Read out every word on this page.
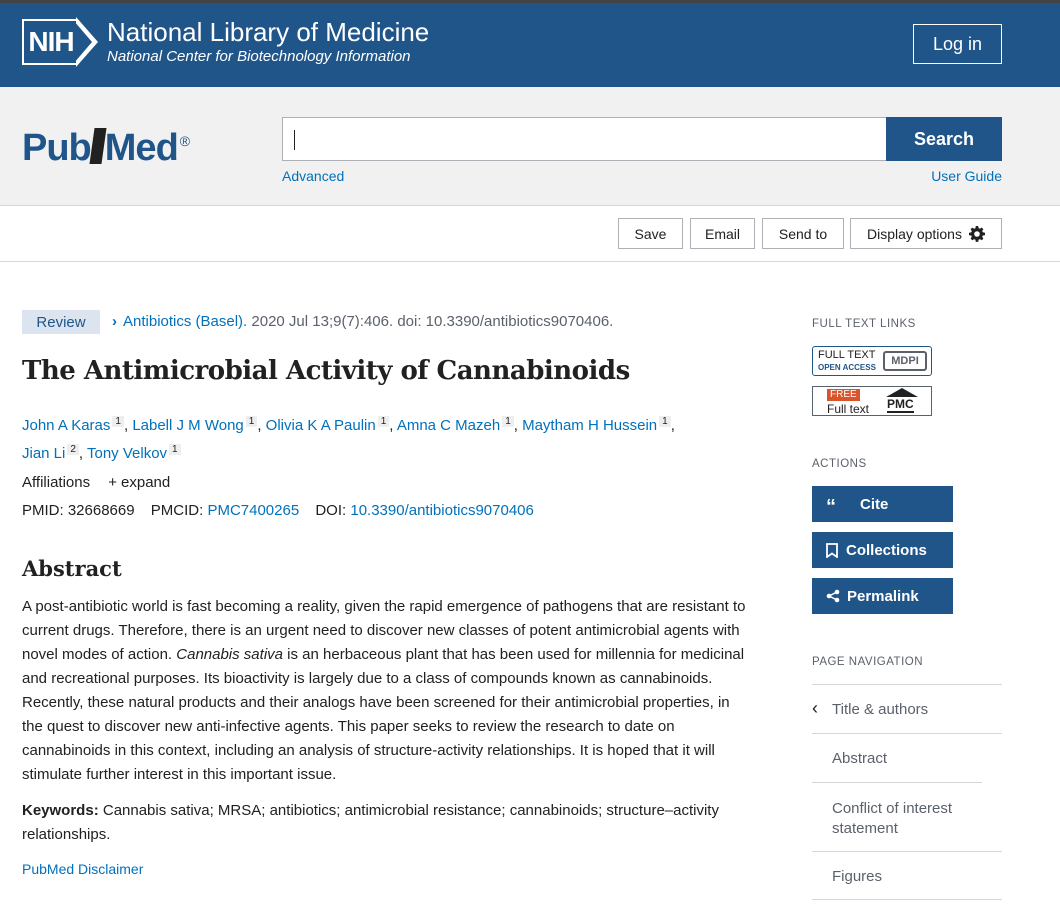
NIH National Library of Medicine
National Center for Biotechnology Information
Log in
Pub Med ®	Search
Advanced	User Guide
Save	Email	Send to	Display options
Review	› Antibiotics (Basel). 2020 Jul 13;9(7):406. doi: 10.3390/antibiotics9070406.
The Antimicrobial Activity of Cannabinoids
John A Karas $^1$ , Labell J M Wong $^1$ , Olivia K A Paulin $^1$ , Amna C Mazeh $^1$ , Maytham H Hussein $^1$ ,
Jian Li $^2$ , Tony Velkov $^1$
Affiliations + expand
PMID: 32668669 PMCID: PMC7400265 DOI: 10.3390/antibiotics9070406
Abstract
A post-antibiotic world is fast becoming a reality, given the rapid emergence of pathogens that are resistant to current drugs. Therefore, there is an urgent need to discover new classes of potent antimicrobial agents with novel modes of action. Cannabis sativa is an herbaceous plant that has been used for millennia for medicinal and recreational purposes. Its bioactivity is largely due to a class of compounds known as cannabinoids. Recently, these natural products and their analogs have been screened for their antimicrobial properties, in the quest to discover new anti-infective agents. This paper seeks to review the research to date on cannabinoids in this context, including an analysis of structure-activity relationships. It is hoped that it will stimulate further interest in this important issue.
Keywords: Cannabis sativa; MRSA; antibiotics; antimicrobial resistance; cannabinoids; structure–activity relationships.
PubMed Disclaimer
FULL TEXT LINKS
FULL TEXT
OPEN ACCESS
MDPI
FREE
Full text PMC
ACTIONS
“	Cite
Collections
Permalink
PAGE NAVIGATION
‹ Title & authors
Abstract
Conflict of interest statement
Figures
